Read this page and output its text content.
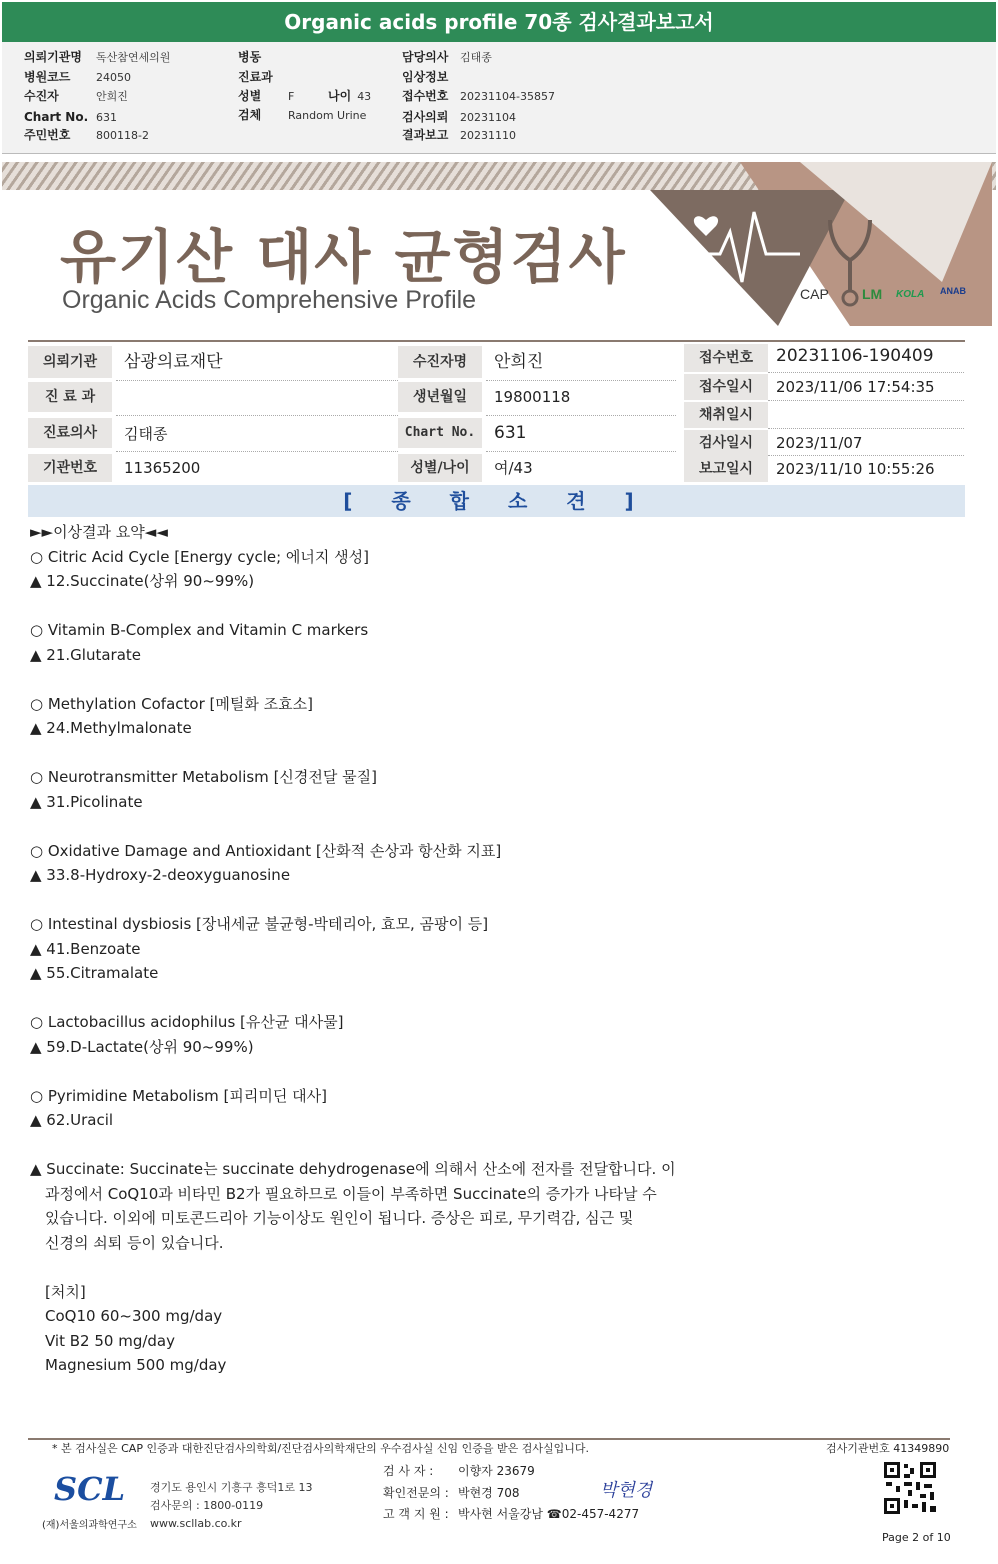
Organic acids profile 70종 검사결과보고서
의뢰기관명 독산참연세의원
병원코드 24050
수진자	안희진
Chart No. 631
주민번호 800118-2
병동
진료과
성별 F	나이 43
검체 Random Urine
담당의사 김태종
임상정보
접수번호 20231104-35857
검사의뢰 20231104
결과보고 20231110
유기산 대사 균형검사
Organic Acids Comprehensive Profile	CAP LM KOLA ANAB
의뢰기관	삼광의료재단
진 료 과
진료의사	김태종
기관번호	11365200
수진자명	안희진
생년월일	19800118
Chart No.	631
성별/나이	여/43
접수번호	20231106-190409
접수일시	2023/11/06 17:54:35
채취일시
검사일시	2023/11/07
보고일시	2023/11/10 10:55:26
[ 종 합 소 견 ]
►►이상결과 요약◄◄
○ Citric Acid Cycle [Energy cycle; 에너지 생성]
▲ 12.Succinate(상위 90~99%)
○ Vitamin B-Complex and Vitamin C markers
▲ 21.Glutarate
○ Methylation Cofactor [메틸화 조효소]
▲ 24.Methylmalonate
○ Neurotransmitter Metabolism [신경전달 물질]
▲ 31.Picolinate
○ Oxidative Damage and Antioxidant [산화적 손상과 항산화 지표]
▲ 33.8-Hydroxy-2-deoxyguanosine
○ Intestinal dysbiosis [장내세균 불균형-박테리아, 효모, 곰팡이 등]
▲ 41.Benzoate
▲ 55.Citramalate
○ Lactobacillus acidophilus [유산균 대사물]
▲ 59.D-Lactate(상위 90~99%)
○ Pyrimidine Metabolism [피리미딘 대사]
▲ 62.Uracil
▲ Succinate: Succinate는 succinate dehydrogenase에 의해서 산소에 전자를 전달합니다. 이
과정에서 CoQ10과 비타민 B2가 필요하므로 이들이 부족하면 Succinate의 증가가 나타날 수
있습니다. 이외에 미토콘드리아 기능이상도 원인이 됩니다. 증상은 피로, 무기력감, 심근 및
신경의 쇠퇴 등이 있습니다.
[처치]
CoQ10 60~300 mg/day
Vit B2 50 mg/day
Magnesium 500 mg/day
* 본 검사실은 CAP 인증과 대한진단검사의학회/진단검사의학재단의 우수검사실 신임 인증을 받은 검사실입니다.	검사기관번호 41349890
SCL
(재)서울의과학연구소
경기도 용인시 기흥구 흥덕1로 13
검사문의 : 1800-0119
www.scllab.co.kr
검 사 자 : 이향자 23679
확인전문의 : 박현경 708
고 객 지 원 : 박사현 서울강남 ☎02-457-4277
박현경
Page 2 of 10
